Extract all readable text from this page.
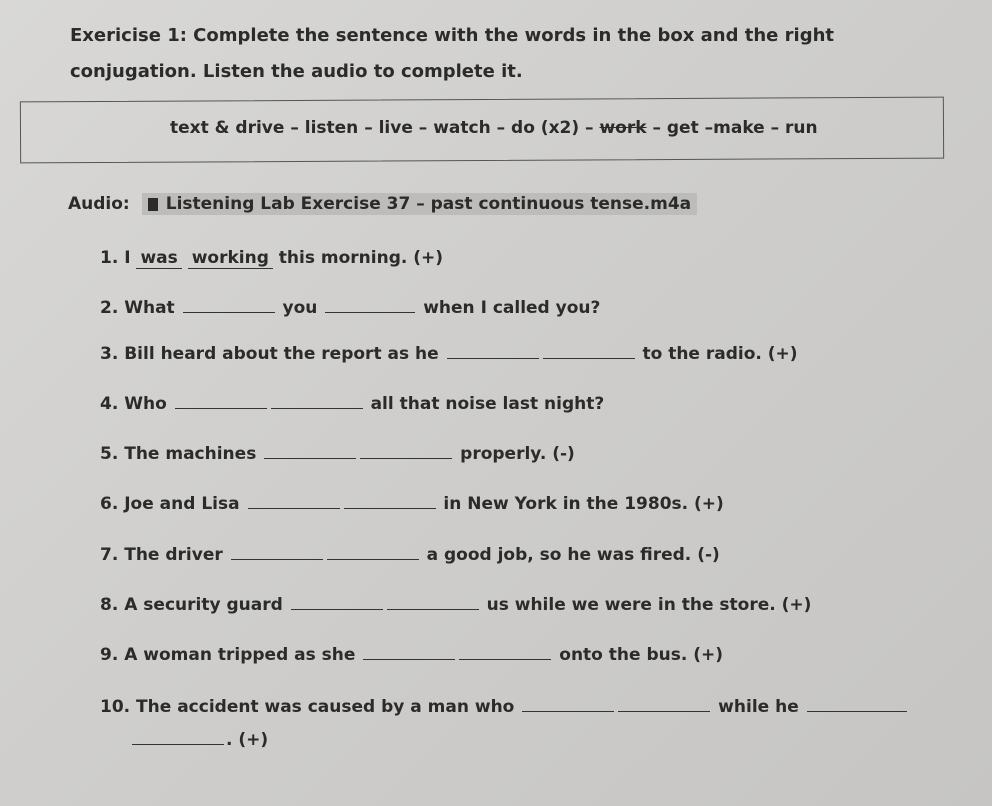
Exericise 1: Complete the sentence with the words in the box and the right conjugation. Listen the audio to complete it.
text & drive – listen – live – watch – do (x2) – work – get –make – run
Audio: Listening Lab Exercise 37 – past continuous tense.m4a
1. I was working this morning. (+)
2. What	you	when I called you?
3. Bill heard about the report as he	to the radio. (+)
4. Who	all that noise last night?
5. The machines	properly. (-)
6. Joe and Lisa	in New York in the 1980s. (+)
7. The driver	a good job, so he was fired. (-)
8. A security guard	us while we were in the store. (+)
9. A woman tripped as she	onto the bus. (+)
10. The accident was caused by a man who	while he
. (+)
